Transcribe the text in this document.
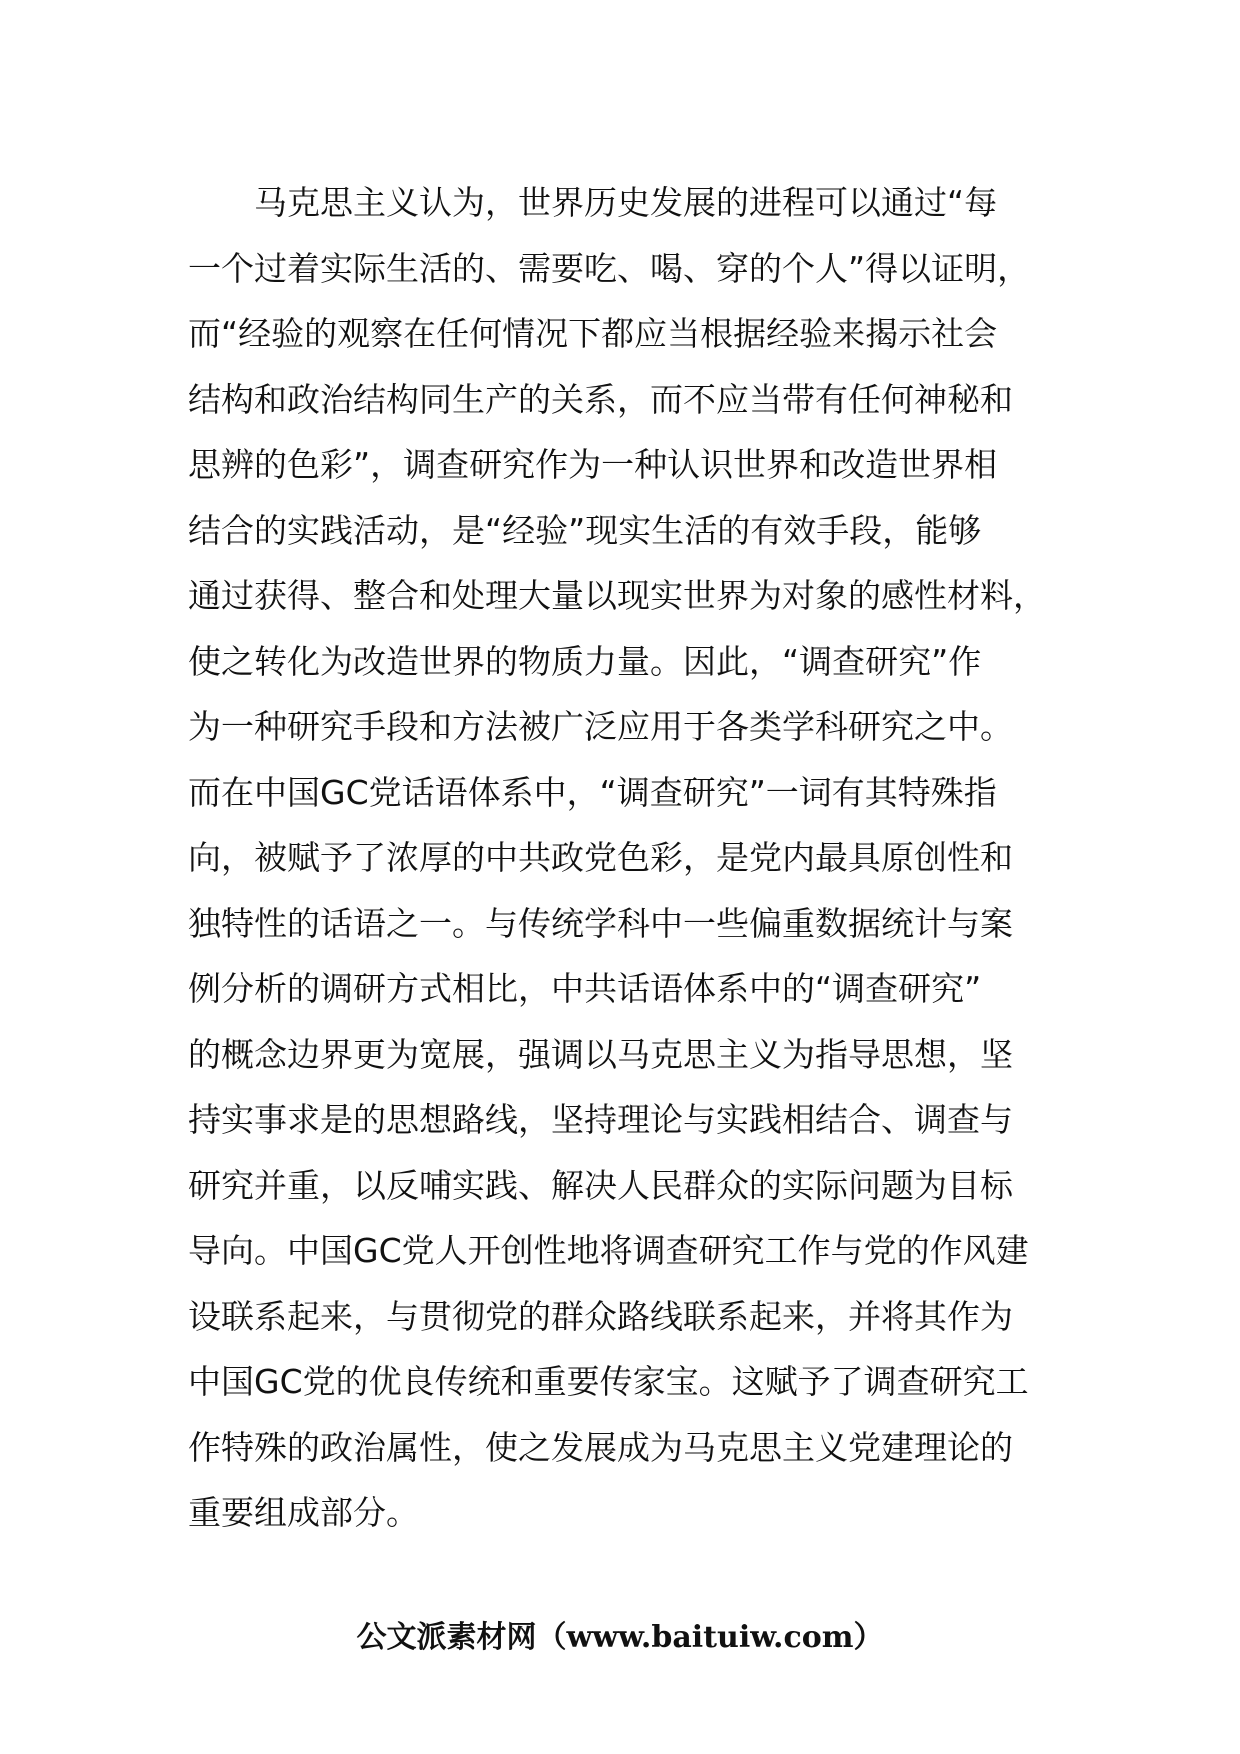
马克思主义认为，世界历史发展的进程可以通过“每
一个过着实际生活的、需要吃、喝、穿的个人”得以证明，
而“经验的观察在任何情况下都应当根据经验来揭示社会
结构和政治结构同生产的关系，而不应当带有任何神秘和
思辨的色彩”，调查研究作为一种认识世界和改造世界相
结合的实践活动，是“经验”现实生活的有效手段，能够
通过获得、整合和处理大量以现实世界为对象的感性材料，
使之转化为改造世界的物质力量。因此，“调查研究”作
为一种研究手段和方法被广泛应用于各类学科研究之中。
而在中国GC党话语体系中，“调查研究”一词有其特殊指
向，被赋予了浓厚的中共政党色彩，是党内最具原创性和
独特性的话语之一。与传统学科中一些偏重数据统计与案
例分析的调研方式相比，中共话语体系中的“调查研究”
的概念边界更为宽展，强调以马克思主义为指导思想，坚
持实事求是的思想路线，坚持理论与实践相结合、调查与
研究并重，以反哺实践、解决人民群众的实际问题为目标
导向。中国GC党人开创性地将调查研究工作与党的作风建
设联系起来，与贯彻党的群众路线联系起来，并将其作为
中国GC党的优良传统和重要传家宝。这赋予了调查研究工
作特殊的政治属性，使之发展成为马克思主义党建理论的
重要组成部分。
公文派素材网（www.baituiw.com）
